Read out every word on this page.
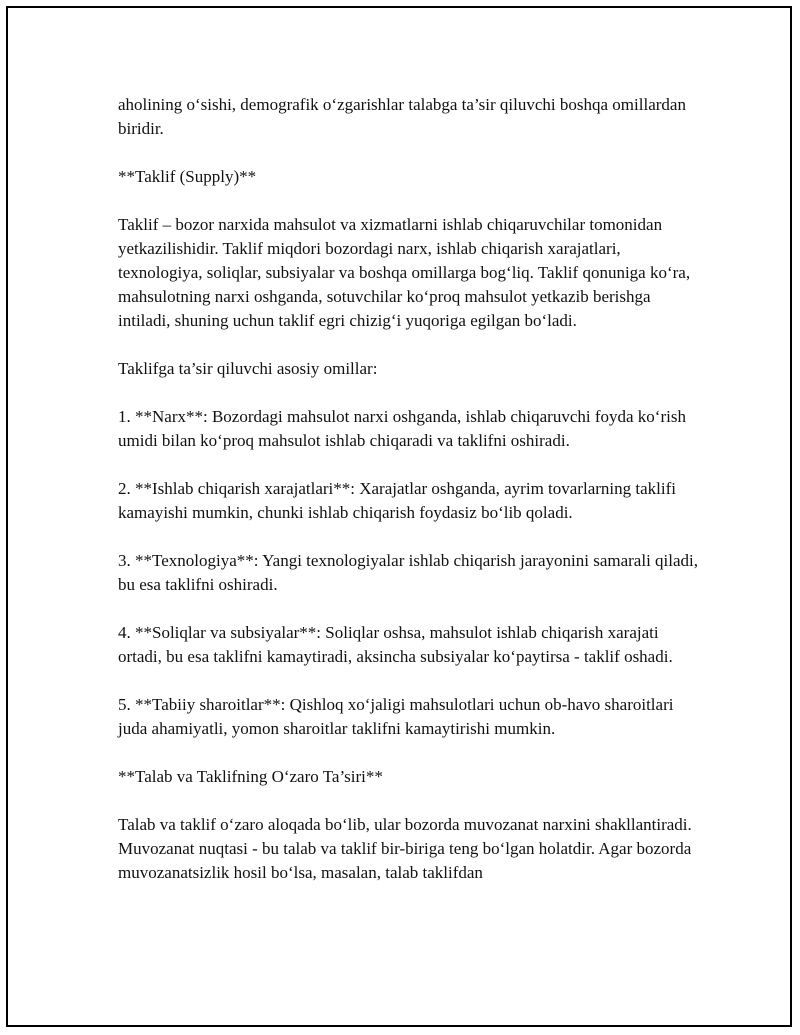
aholining o‘sishi, demografik o‘zgarishlar talabga ta’sir qiluvchi boshqa omillardan biridir.

**Taklif (Supply)**

Taklif – bozor narxida mahsulot va xizmatlarni ishlab chiqaruvchilar tomonidan yetkazilishidir. Taklif miqdori bozordagi narx, ishlab chiqarish xarajatlari, texnologiya, soliqlar, subsiyalar va boshqa omillarga bog‘liq. Taklif qonuniga ko‘ra, mahsulotning narxi oshganda, sotuvchilar ko‘proq mahsulot yetkazib berishga intiladi, shuning uchun taklif egri chizig‘i yuqoriga egilgan bo‘ladi.

Taklifga ta’sir qiluvchi asosiy omillar:

1. **Narx**: Bozordagi mahsulot narxi oshganda, ishlab chiqaruvchi foyda ko‘rish umidi bilan ko‘proq mahsulot ishlab chiqaradi va taklifni oshiradi.

2. **Ishlab chiqarish xarajatlari**: Xarajatlar oshganda, ayrim tovarlarning taklifi kamayishi mumkin, chunki ishlab chiqarish foydasiz bo‘lib qoladi.

3. **Texnologiya**: Yangi texnologiyalar ishlab chiqarish jarayonini samarali qiladi, bu esa taklifni oshiradi.

4. **Soliqlar va subsiyalar**: Soliqlar oshsa, mahsulot ishlab chiqarish xarajati ortadi, bu esa taklifni kamaytiradi, aksincha subsiyalar ko‘paytirsa - taklif oshadi.

5. **Tabiiy sharoitlar**: Qishloq xo‘jaligi mahsulotlari uchun ob-havo sharoitlari juda ahamiyatli, yomon sharoitlar taklifni kamaytirishi mumkin.

**Talab va Taklifning O‘zaro Ta’siri**

Talab va taklif o‘zaro aloqada bo‘lib, ular bozorda muvozanat narxini shakllantiradi. Muvozanat nuqtasi - bu talab va taklif bir-biriga teng bo‘lgan holatdir. Agar bozorda muvozanatsizlik hosil bo‘lsa, masalan, talab taklifdan
